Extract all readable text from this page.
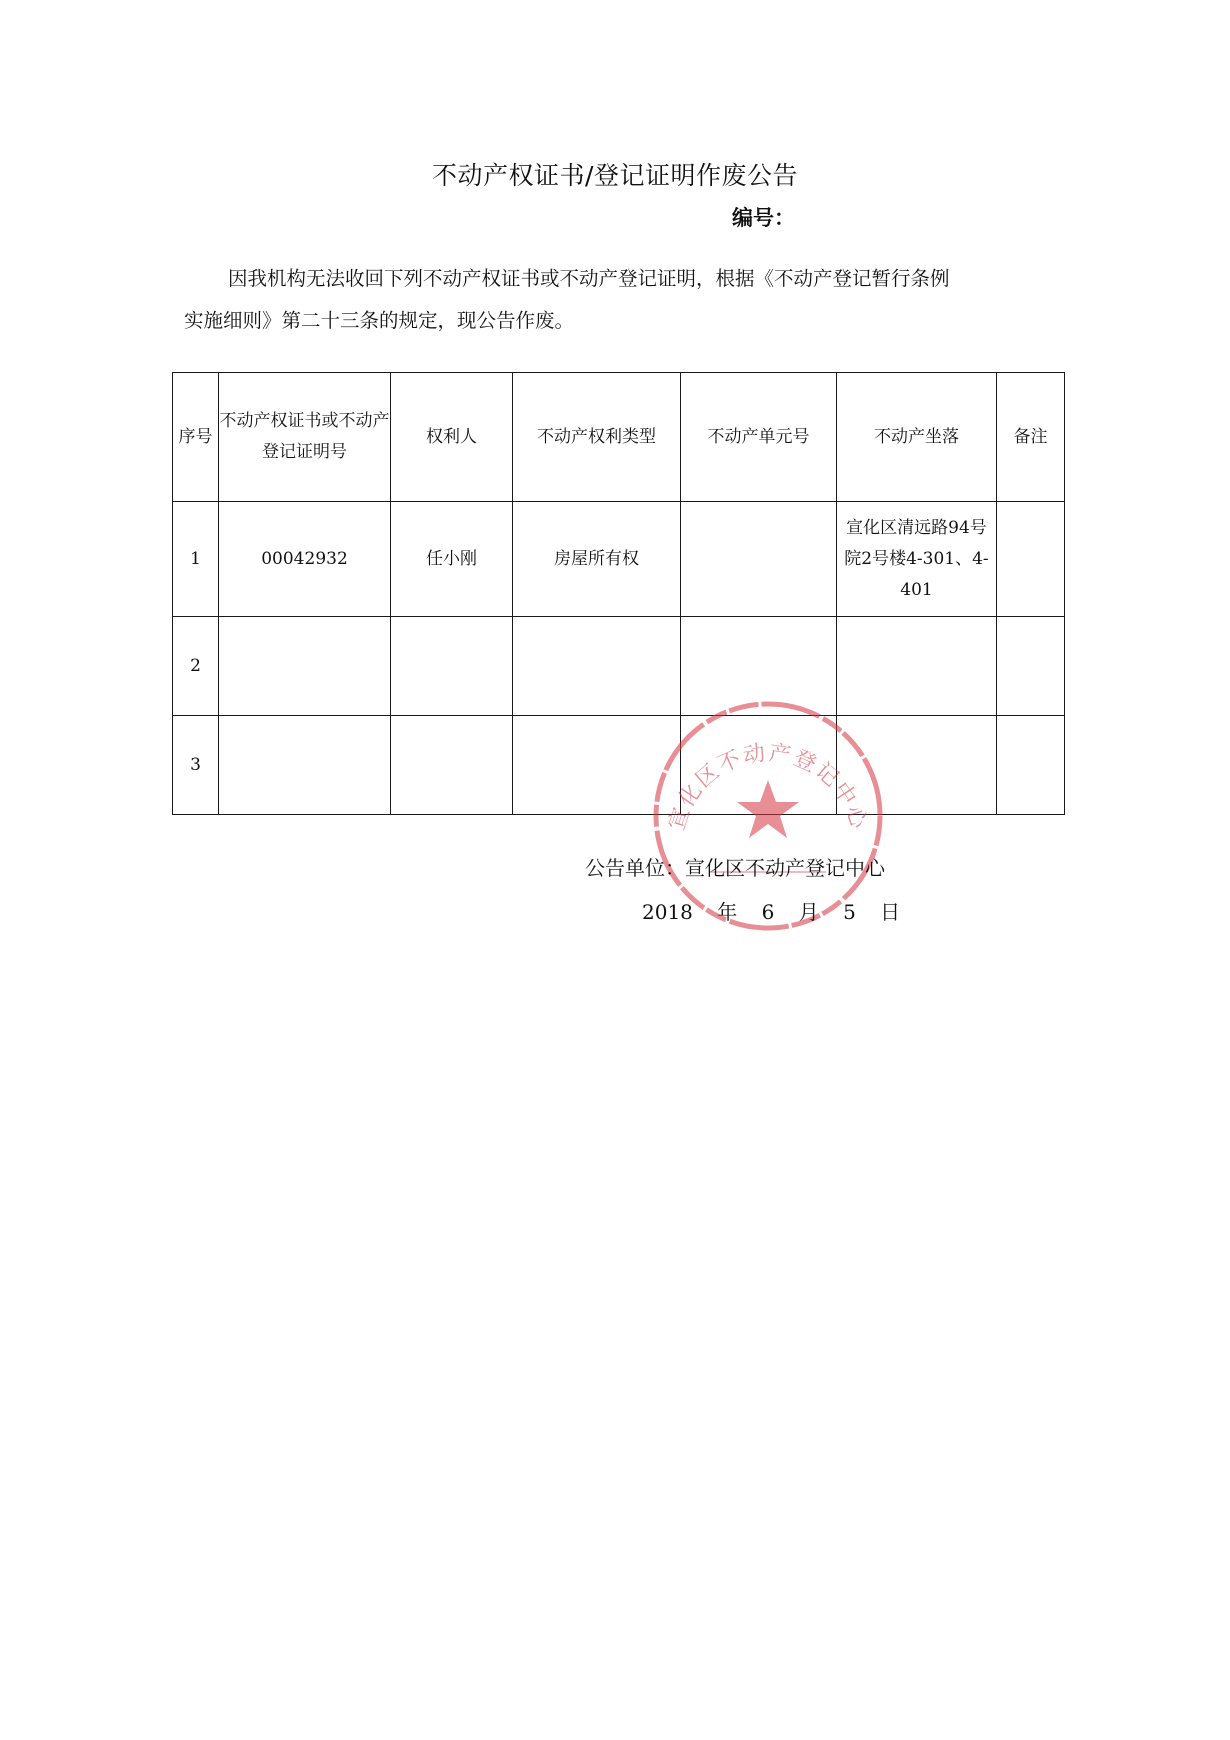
不动产权证书/登记证明作废公告
编号：
因我机构无法收回下列不动产权证书或不动产登记证明，根据《不动产登记暂行条例
实施细则》第二十三条的规定，现公告作废。
序号	不动产权证书或不动产登记证明号	权利人	不动产权利类型	不动产单元号	不动产坐落	备注
1	00042932	任小刚	房屋所有权		宣化区清远路94号院2号楼4-301、4-401	
2						
3						
宣化区不动产登记中心
公告单位：宣化区不动产登记中心
2018 年 6 月 5 日
